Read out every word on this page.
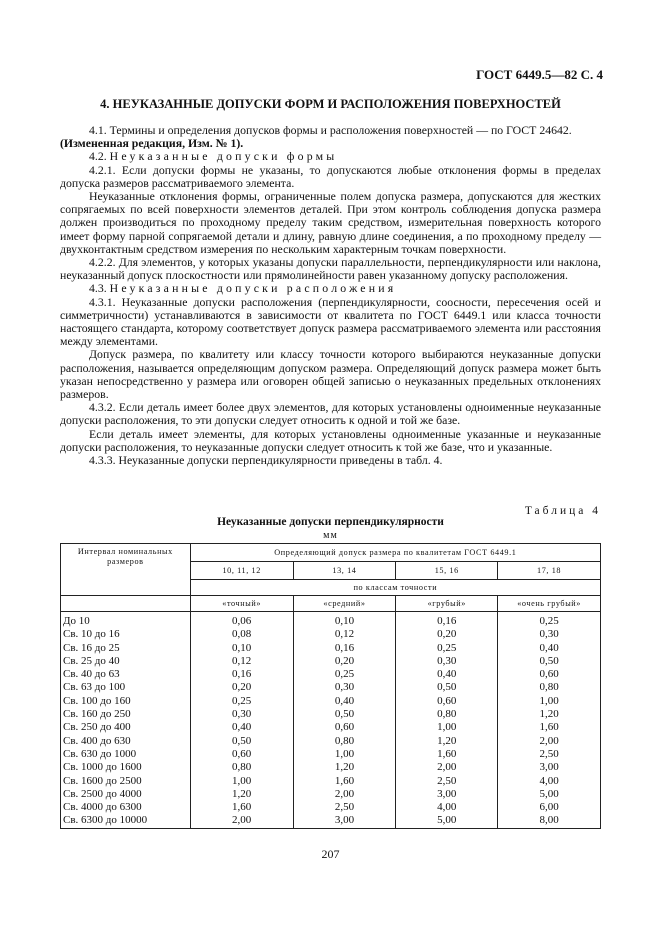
ГОСТ 6449.5—82 С. 4
4. НЕУКАЗАННЫЕ ДОПУСКИ ФОРМ И РАСПОЛОЖЕНИЯ ПОВЕРХНОСТЕЙ

4.1. Термины и определения допусков формы и расположения поверхностей — по ГОСТ 24642.
(Измененная редакция, Изм. № 1).

4.2. Неуказанные допуски формы

4.2.1. Если допуски формы не указаны, то допускаются любые отклонения формы в пределах допуска размеров рассматриваемого элемента.

Неуказанные отклонения формы, ограниченные полем допуска размера, допускаются для жестких сопрягаемых по всей поверхности элементов деталей. При этом контроль соблюдения допуска размера должен производиться по проходному пределу таким средством, измерительная поверхность которого имеет форму парной сопрягаемой детали и длину, равную длине соединения, а по проходному пределу — двухконтактным средством измерения по нескольким характерным точкам поверхности.

4.2.2. Для элементов, у которых указаны допуски параллельности, перпендикулярности или наклона, неуказанный допуск плоскостности или прямолинейности равен указанному допуску расположения.

4.3. Неуказанные допуски расположения

4.3.1. Неуказанные допуски расположения (перпендикулярности, соосности, пересечения осей и симметричности) устанавливаются в зависимости от квалитета по ГОСТ 6449.1 или класса точности настоящего стандарта, которому соответствует допуск размера рассматриваемого элемента или расстояния между элементами.

Допуск размера, по квалитету или классу точности которого выбираются неуказанные допуски расположения, называется определяющим допуском размера. Определяющий допуск размера может быть указан непосредственно у размера или оговорен общей записью о неуказанных предельных отклонениях размеров.

4.3.2. Если деталь имеет более двух элементов, для которых установлены одноименные неуказанные допуски расположения, то эти допуски следует относить к одной и той же базе.

Если деталь имеет элементы, для которых установлены одноименные указанные и неуказанные допуски расположения, то неуказанные допуски следует относить к той же базе, что и указанные.

4.3.3. Неуказанные допуски перпендикулярности приведены в табл. 4.

Таблица 4
Неуказанные допуски перпендикулярности
мм
Интервал номинальных размеров	Определяющий допуск размера по квалитетам ГОСТ 6449.1			
	10, 11, 12	13, 14	15, 16	17, 18
	по классам точности			
	«точный»	«средний»	«грубый»	«очень грубый»
До 10	0,06	0,10	0,16	0,25
Св. 10 до 16	0,08	0,12	0,20	0,30
Св. 16 до 25	0,10	0,16	0,25	0,40
Св. 25 до 40	0,12	0,20	0,30	0,50
Св. 40 до 63	0,16	0,25	0,40	0,60
Св. 63 до 100	0,20	0,30	0,50	0,80
Св. 100 до 160	0,25	0,40	0,60	1,00
Св. 160 до 250	0,30	0,50	0,80	1,20
Св. 250 до 400	0,40	0,60	1,00	1,60
Св. 400 до 630	0,50	0,80	1,20	2,00
Св. 630 до 1000	0,60	1,00	1,60	2,50
Св. 1000 до 1600	0,80	1,20	2,00	3,00
Св. 1600 до 2500	1,00	1,60	2,50	4,00
Св. 2500 до 4000	1,20	2,00	3,00	5,00
Св. 4000 до 6300	1,60	2,50	4,00	6,00
Св. 6300 до 10000	2,00	3,00	5,00	8,00
207
